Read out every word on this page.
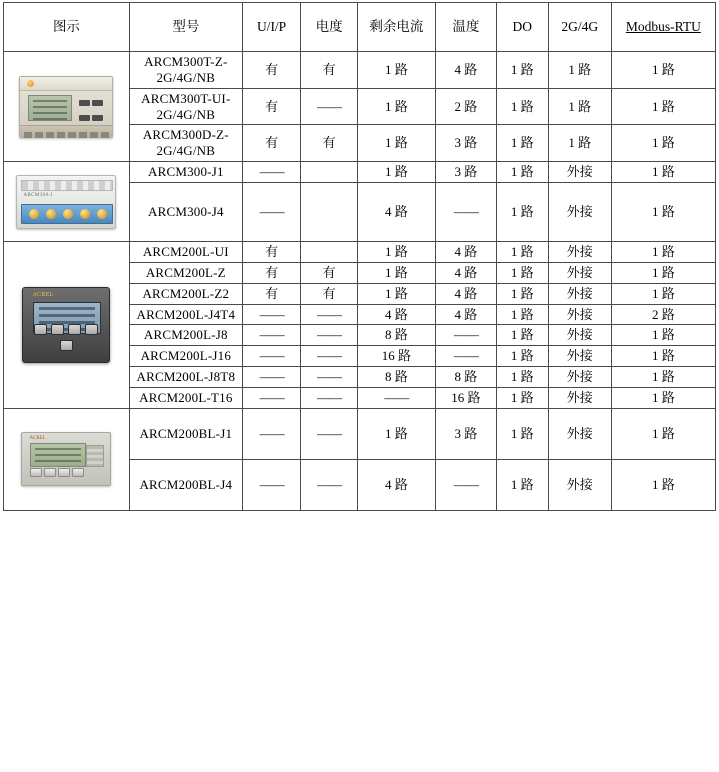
图示	型号	U/I/P	电度	剩余电流	温度	DO	2G/4G	Modbus-RTU

	ARCM300T-Z-2G/4G/NB	有	有	1 路	4 路	1 路	1 路	1 路
	ARCM300T-UI-2G/4G/NB	有	——	1 路	2 路	1 路	1 路	1 路
	ARCM300D-Z-2G/4G/NB	有	有	1 路	3 路	1 路	1 路	1 路

ARCM300-J	ARCM300-J1	——		1 路	3 路	1 路	外接	1 路
	ARCM300-J4	——		4 路	——	1 路	外接	1 路

ACREL	ARCM200L-UI	有		1 路	4 路	1 路	外接	1 路
	ARCM200L-Z	有	有	1 路	4 路	1 路	外接	1 路
	ARCM200L-Z2	有	有	1 路	4 路	1 路	外接	1 路
	ARCM200L-J4T4	——	——	4 路	4 路	1 路	外接	2 路
	ARCM200L-J8	——	——	8 路	——	1 路	外接	1 路
	ARCM200L-J16	——	——	16 路	——	1 路	外接	1 路
	ARCM200L-J8T8	——	——	8 路	8 路	1 路	外接	1 路
	ARCM200L-T16	——	——	——	16 路	1 路	外接	1 路

ACREL	ARCM200BL-J1	——	——	1 路	3 路	1 路	外接	1 路
	ARCM200BL-J4	——	——	4 路	——	1 路	外接	1 路
